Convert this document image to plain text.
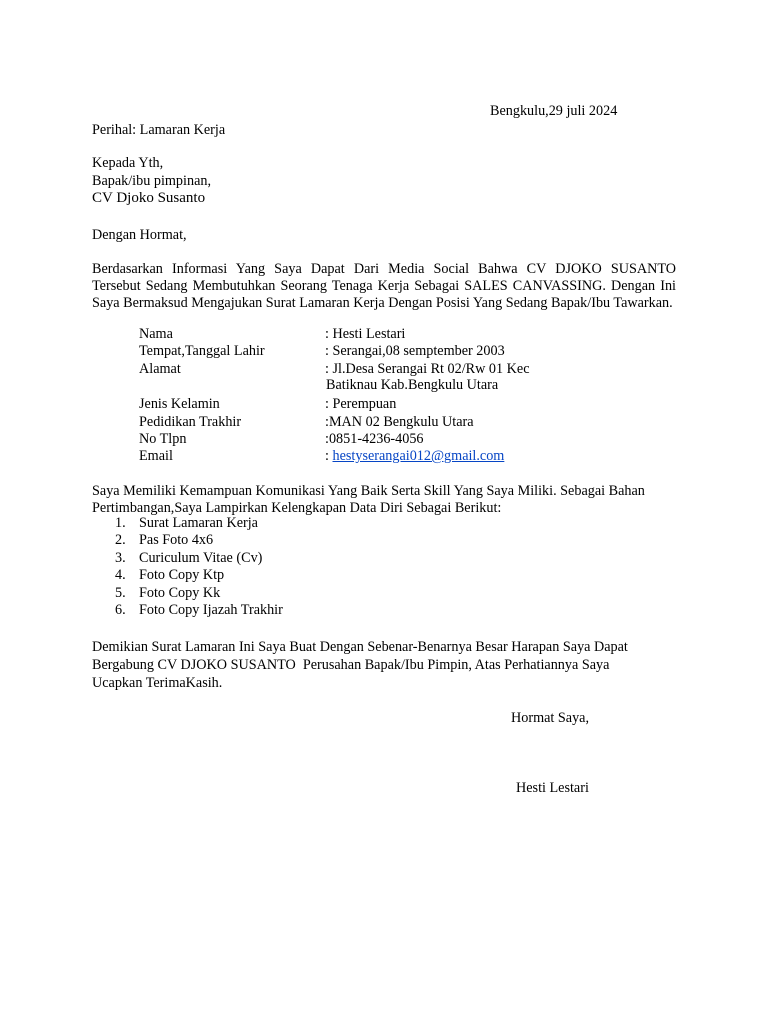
Bengkulu,29 juli 2024
Perihal: Lamaran Kerja
Kepada Yth,
Bapak/ibu pimpinan,
CV Djoko Susanto
Dengan Hormat,
Berdasarkan Informasi Yang Saya Dapat Dari Media Social Bahwa CV DJOKO SUSANTO
Tersebut Sedang Membutuhkan Seorang Tenaga Kerja Sebagai SALES CANVASSING. Dengan Ini
Saya Bermaksud Mengajukan Surat Lamaran Kerja Dengan Posisi Yang Sedang Bapak/Ibu Tawarkan.
Nama	: Hesti Lestari
Tempat,Tanggal Lahir	: Serangai,08 semptember 2003
Alamat	: Jl.Desa Serangai Rt 02/Rw 01 Kec
Batiknau Kab.Bengkulu Utara
Jenis Kelamin	: Perempuan
Pedidikan Trakhir	:MAN 02 Bengkulu Utara
No Tlpn	:0851-4236-4056
Email	: hestyserangai012@gmail.com
Saya Memiliki Kemampuan Komunikasi Yang Baik Serta Skill Yang Saya Miliki. Sebagai Bahan
Pertimbangan,Saya Lampirkan Kelengkapan Data Diri Sebagai Berikut:
1. Surat Lamaran Kerja
2. Pas Foto 4x6
3. Curiculum Vitae (Cv)
4. Foto Copy Ktp
5. Foto Copy Kk
6. Foto Copy Ijazah Trakhir
Demikian Surat Lamaran Ini Saya Buat Dengan Sebenar-Benarnya Besar Harapan Saya Dapat
Bergabung CV DJOKO SUSANTO  Perusahan Bapak/Ibu Pimpin, Atas Perhatiannya Saya
Ucapkan TerimaKasih.
Hormat Saya,
Hesti Lestari
